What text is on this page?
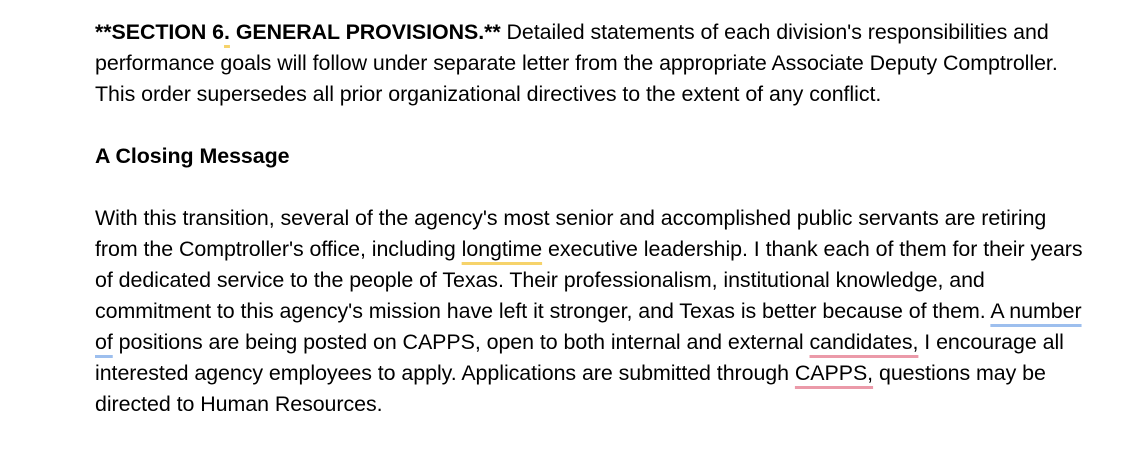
**SECTION 6. GENERAL PROVISIONS.** Detailed statements of each division's responsibilities and performance goals will follow under separate letter from the appropriate Associate Deputy Comptroller. This order supersedes all prior organizational directives to the extent of any conflict.

A Closing Message

With this transition, several of the agency's most senior and accomplished public servants are retiring from the Comptroller's office, including longtime executive leadership. I thank each of them for their years of dedicated service to the people of Texas. Their professionalism, institutional knowledge, and commitment to this agency's mission have left it stronger, and Texas is better because of them. A number of positions are being posted on CAPPS, open to both internal and external candidates, I encourage all interested agency employees to apply. Applications are submitted through CAPPS, questions may be directed to Human Resources.
